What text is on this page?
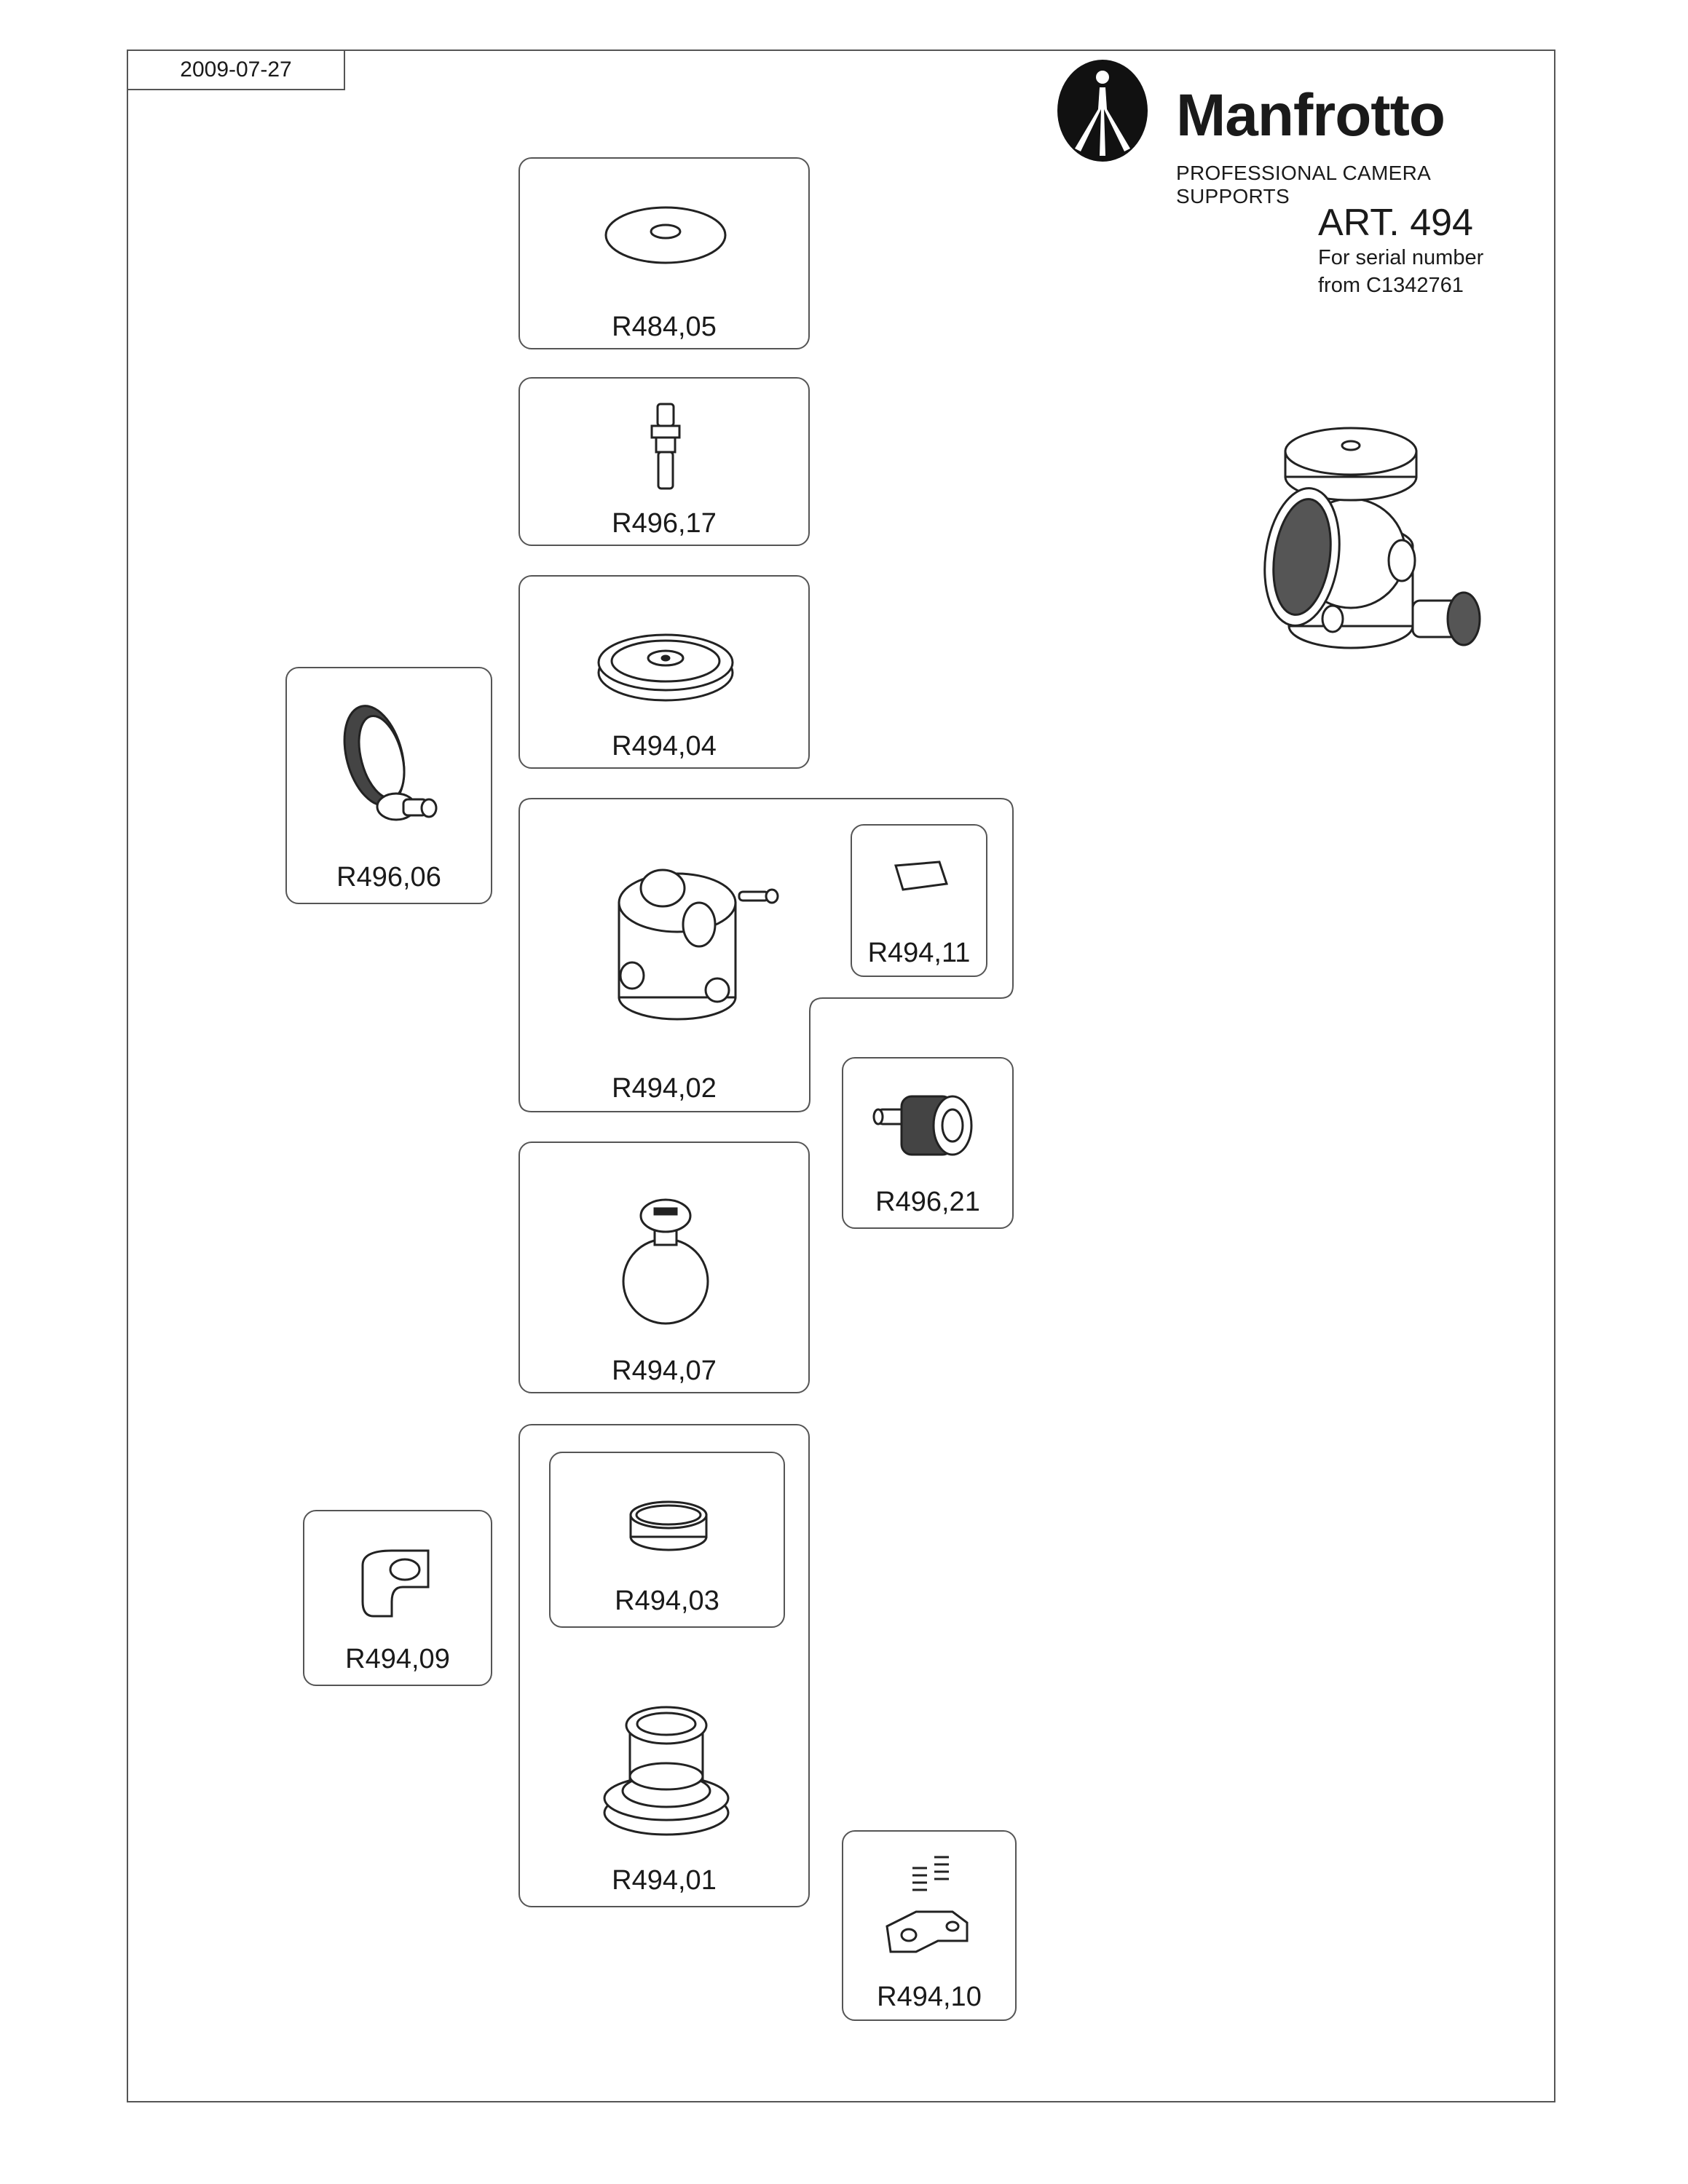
2009-07-27
Manfrotto
PROFESSIONAL CAMERA SUPPORTS
ART. 494
For serial number
from C1342761
R484,05
R496,17
R494,04
R496,06
R494,02
R494,11
R496,21
R494,07
R494,09
R494,03
R494,01
R494,10
